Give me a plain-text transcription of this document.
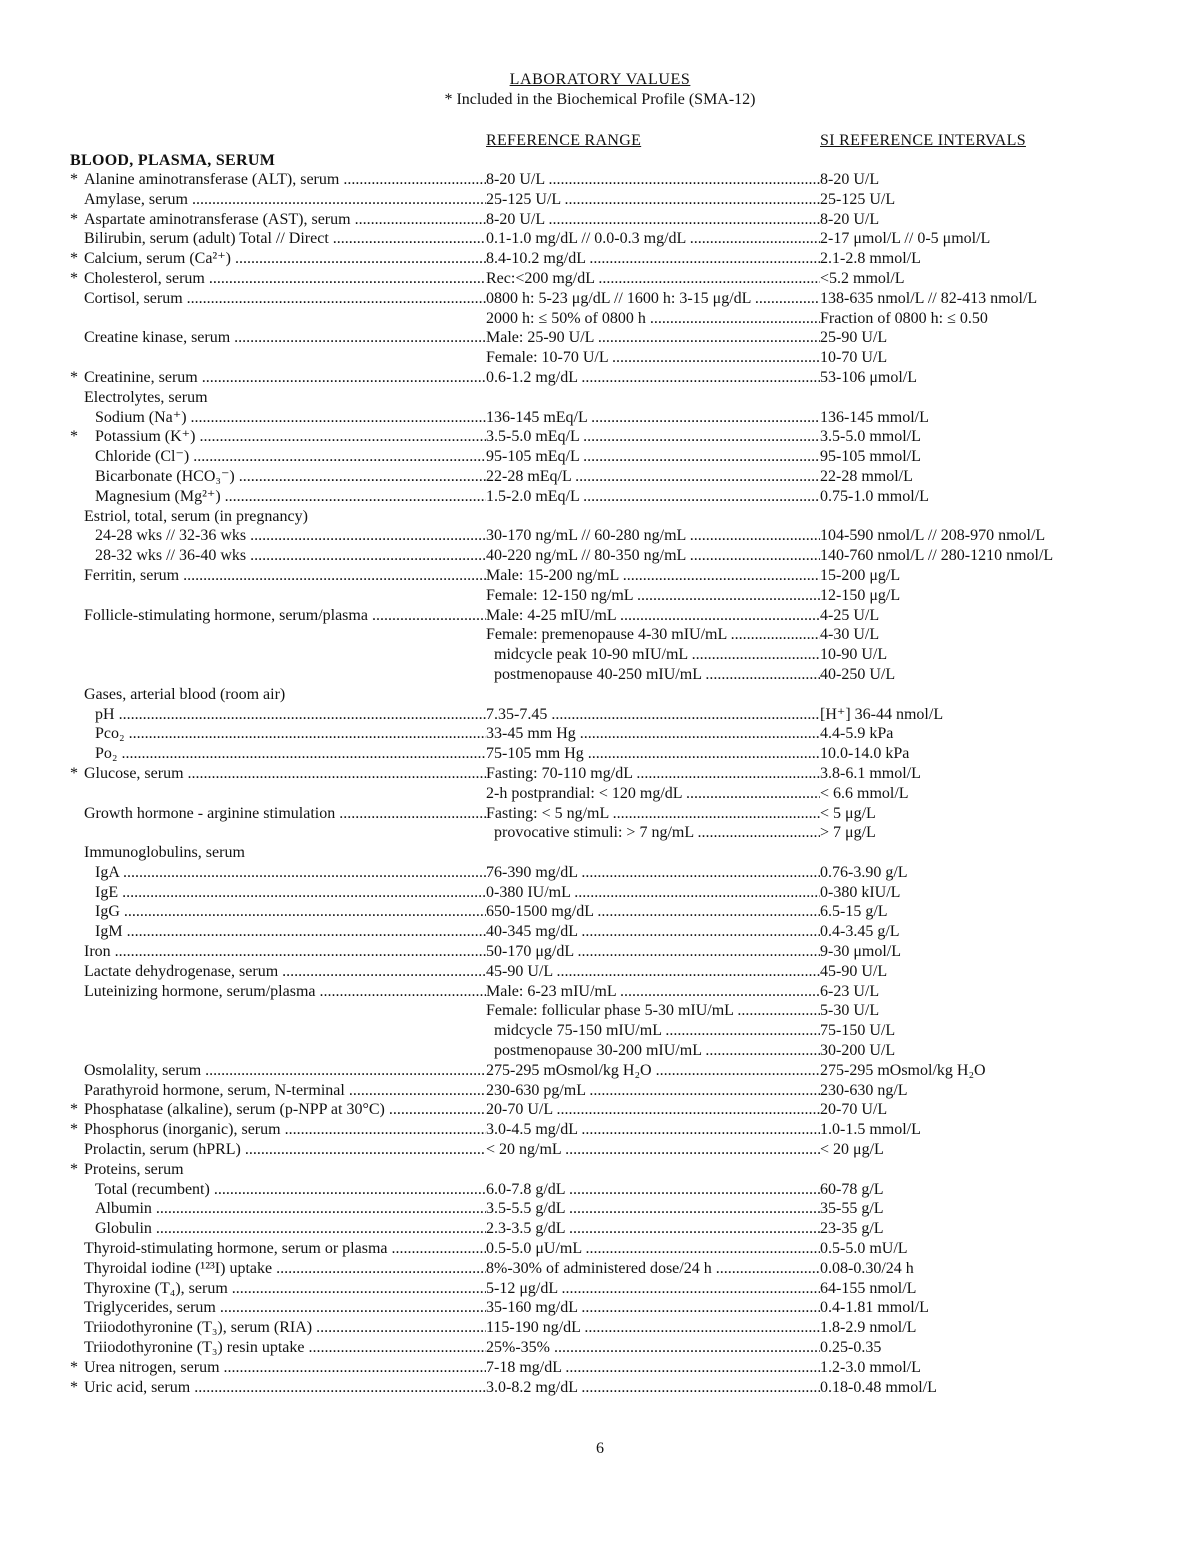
LABORATORY VALUES
* Included in the Biochemical Profile (SMA-12)
REFERENCE RANGE	SI REFERENCE INTERVALS
BLOOD, PLASMA, SERUM
* Alanine aminotransferase (ALT), serum .....	8-20 U/L .....	8-20 U/L
Amylase, serum .....	25-125 U/L .....	25-125 U/L
* Aspartate aminotransferase (AST), serum .....	8-20 U/L .....	8-20 U/L
Bilirubin, serum (adult) Total // Direct .....	0.1-1.0 mg/dL // 0.0-0.3 mg/dL .....	2-17 μmol/L // 0-5 μmol/L
* Calcium, serum (Ca²⁺) .....	8.4-10.2 mg/dL .....	2.1-2.8 mmol/L
* Cholesterol, serum .....	Rec:<200 mg/dL .....	<5.2 mmol/L
Cortisol, serum .....	0800 h: 5-23 μg/dL // 1600 h: 3-15 μg/dL .....	138-635 nmol/L // 82-413 nmol/L
2000 h: ≤ 50% of 0800 h .....	Fraction of 0800 h: ≤ 0.50
Creatine kinase, serum .....	Male: 25-90 U/L .....	25-90 U/L
Female: 10-70 U/L .....	10-70 U/L
* Creatinine, serum .....	0.6-1.2 mg/dL .....	53-106 μmol/L
Electrolytes, serum
Sodium (Na⁺) .....	136-145 mEq/L .....	136-145 mmol/L
* Potassium (K⁺) .....	3.5-5.0 mEq/L .....	3.5-5.0 mmol/L
Chloride (Cl⁻) .....	95-105 mEq/L .....	95-105 mmol/L
Bicarbonate (HCO₃⁻) .....	22-28 mEq/L .....	22-28 mmol/L
Magnesium (Mg²⁺) .....	1.5-2.0 mEq/L .....	0.75-1.0 mmol/L
Estriol, total, serum (in pregnancy)
24-28 wks // 32-36 wks .....	30-170 ng/mL // 60-280 ng/mL .....	104-590 nmol/L // 208-970 nmol/L
28-32 wks // 36-40 wks .....	40-220 ng/mL // 80-350 ng/mL .....	140-760 nmol/L // 280-1210 nmol/L
Ferritin, serum .....	Male: 15-200 ng/mL .....	15-200 μg/L
Female: 12-150 ng/mL .....	12-150 μg/L
Follicle-stimulating hormone, serum/plasma .....	Male: 4-25 mIU/mL .....	4-25 U/L
Female: premenopause 4-30 mIU/mL .....	4-30 U/L
midcycle peak 10-90 mIU/mL .....	10-90 U/L
postmenopause 40-250 mIU/mL .....	40-250 U/L
Gases, arterial blood (room air)
pH .....	7.35-7.45 .....	[H⁺] 36-44 nmol/L
Pco₂ .....	33-45 mm Hg .....	4.4-5.9 kPa
Po₂ .....	75-105 mm Hg .....	10.0-14.0 kPa
* Glucose, serum .....	Fasting: 70-110 mg/dL .....	3.8-6.1 mmol/L
2-h postprandial: < 120 mg/dL .....	< 6.6 mmol/L
Growth hormone - arginine stimulation .....	Fasting: < 5 ng/mL .....	< 5 μg/L
provocative stimuli: > 7 ng/mL .....	> 7 μg/L
Immunoglobulins, serum
IgA .....	76-390 mg/dL .....	0.76-3.90 g/L
IgE .....	0-380 IU/mL .....	0-380 kIU/L
IgG .....	650-1500 mg/dL .....	6.5-15 g/L
IgM .....	40-345 mg/dL .....	0.4-3.45 g/L
Iron .....	50-170 μg/dL .....	9-30 μmol/L
Lactate dehydrogenase, serum .....	45-90 U/L .....	45-90 U/L
Luteinizing hormone, serum/plasma .....	Male: 6-23 mIU/mL .....	6-23 U/L
Female: follicular phase 5-30 mIU/mL .....	5-30 U/L
midcycle 75-150 mIU/mL .....	75-150 U/L
postmenopause 30-200 mIU/mL .....	30-200 U/L
Osmolality, serum .....	275-295 mOsmol/kg H₂O .....	275-295 mOsmol/kg H₂O
Parathyroid hormone, serum, N-terminal .....	230-630 pg/mL .....	230-630 ng/L
* Phosphatase (alkaline), serum (p-NPP at 30°C) .....	20-70 U/L .....	20-70 U/L
* Phosphorus (inorganic), serum .....	3.0-4.5 mg/dL .....	1.0-1.5 mmol/L
Prolactin, serum (hPRL) .....	< 20 ng/mL .....	< 20 μg/L
* Proteins, serum
Total (recumbent) .....	6.0-7.8 g/dL .....	60-78 g/L
Albumin .....	3.5-5.5 g/dL .....	35-55 g/L
Globulin .....	2.3-3.5 g/dL .....	23-35 g/L
Thyroid-stimulating hormone, serum or plasma .....	0.5-5.0 μU/mL .....	0.5-5.0 mU/L
Thyroidal iodine (¹²³I) uptake .....	8%-30% of administered dose/24 h .....	0.08-0.30/24 h
Thyroxine (T₄), serum .....	5-12 μg/dL .....	64-155 nmol/L
Triglycerides, serum .....	35-160 mg/dL .....	0.4-1.81 mmol/L
Triiodothyronine (T₃), serum (RIA) .....	115-190 ng/dL .....	1.8-2.9 nmol/L
Triiodothyronine (T₃) resin uptake .....	25%-35% .....	0.25-0.35
* Urea nitrogen, serum .....	7-18 mg/dL .....	1.2-3.0 mmol/L
* Uric acid, serum .....	3.0-8.2 mg/dL .....	0.18-0.48 mmol/L
6
